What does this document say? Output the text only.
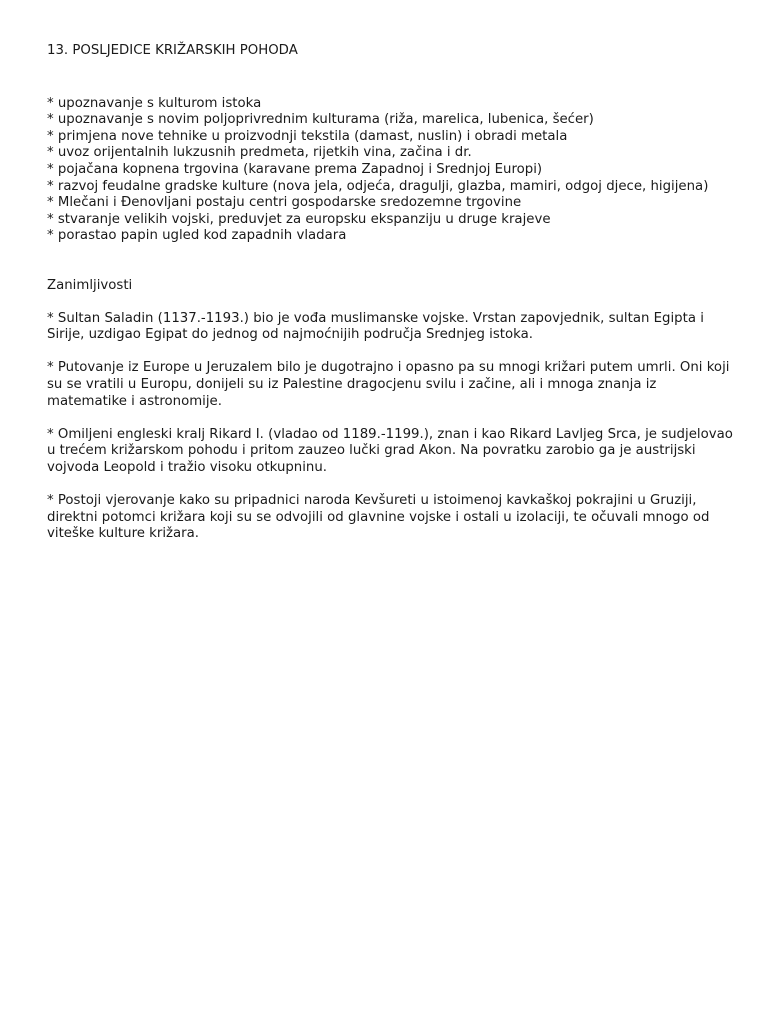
13. POSLJEDICE KRIŽARSKIH POHODA
* upoznavanje s kulturom istoka
* upoznavanje s novim poljoprivrednim kulturama (riža, marelica, lubenica, šećer)
* primjena nove tehnike u proizvodnji tekstila (damast, nuslin) i obradi metala
* uvoz orijentalnih lukzusnih predmeta, rijetkih vina, začina i dr.
* pojačana kopnena trgovina (karavane prema Zapadnoj i Srednjoj Europi)
* razvoj feudalne gradske kulture (nova jela, odjeća, dragulji, glazba, mamiri, odgoj djece, higijena)
* Mlečani i Đenovljani postaju centri gospodarske sredozemne trgovine
* stvaranje velikih vojski, preduvjet za europsku ekspanziju u druge krajeve
* porastao papin ugled kod zapadnih vladara
Zanimljivosti

* Sultan Saladin (1137.-1193.) bio je vođa muslimanske vojske. Vrstan zapovjednik, sultan Egipta i Sirije, uzdigao Egipat do jednog od najmoćnijih područja Srednjeg istoka.

* Putovanje iz Europe u Jeruzalem bilo je dugotrajno i opasno pa su mnogi križari putem umrli. Oni koji su se vratili u Europu, donijeli su iz Palestine dragocjenu svilu i začine, ali i mnoga znanja iz matematike i astronomije.

* Omiljeni engleski kralj Rikard I. (vladao od 1189.-1199.), znan i kao Rikard Lavljeg Srca, je sudjelovao u trećem križarskom pohodu i pritom zauzeo lučki grad Akon. Na povratku zarobio ga je austrijski vojvoda Leopold i tražio visoku otkupninu.

* Postoji vjerovanje kako su pripadnici naroda Kevšureti u istoimenoj kavkaškoj pokrajini u Gruziji, direktni potomci križara koji su se odvojili od glavnine vojske i ostali u izolaciji, te očuvali mnogo od viteške kulture križara.
